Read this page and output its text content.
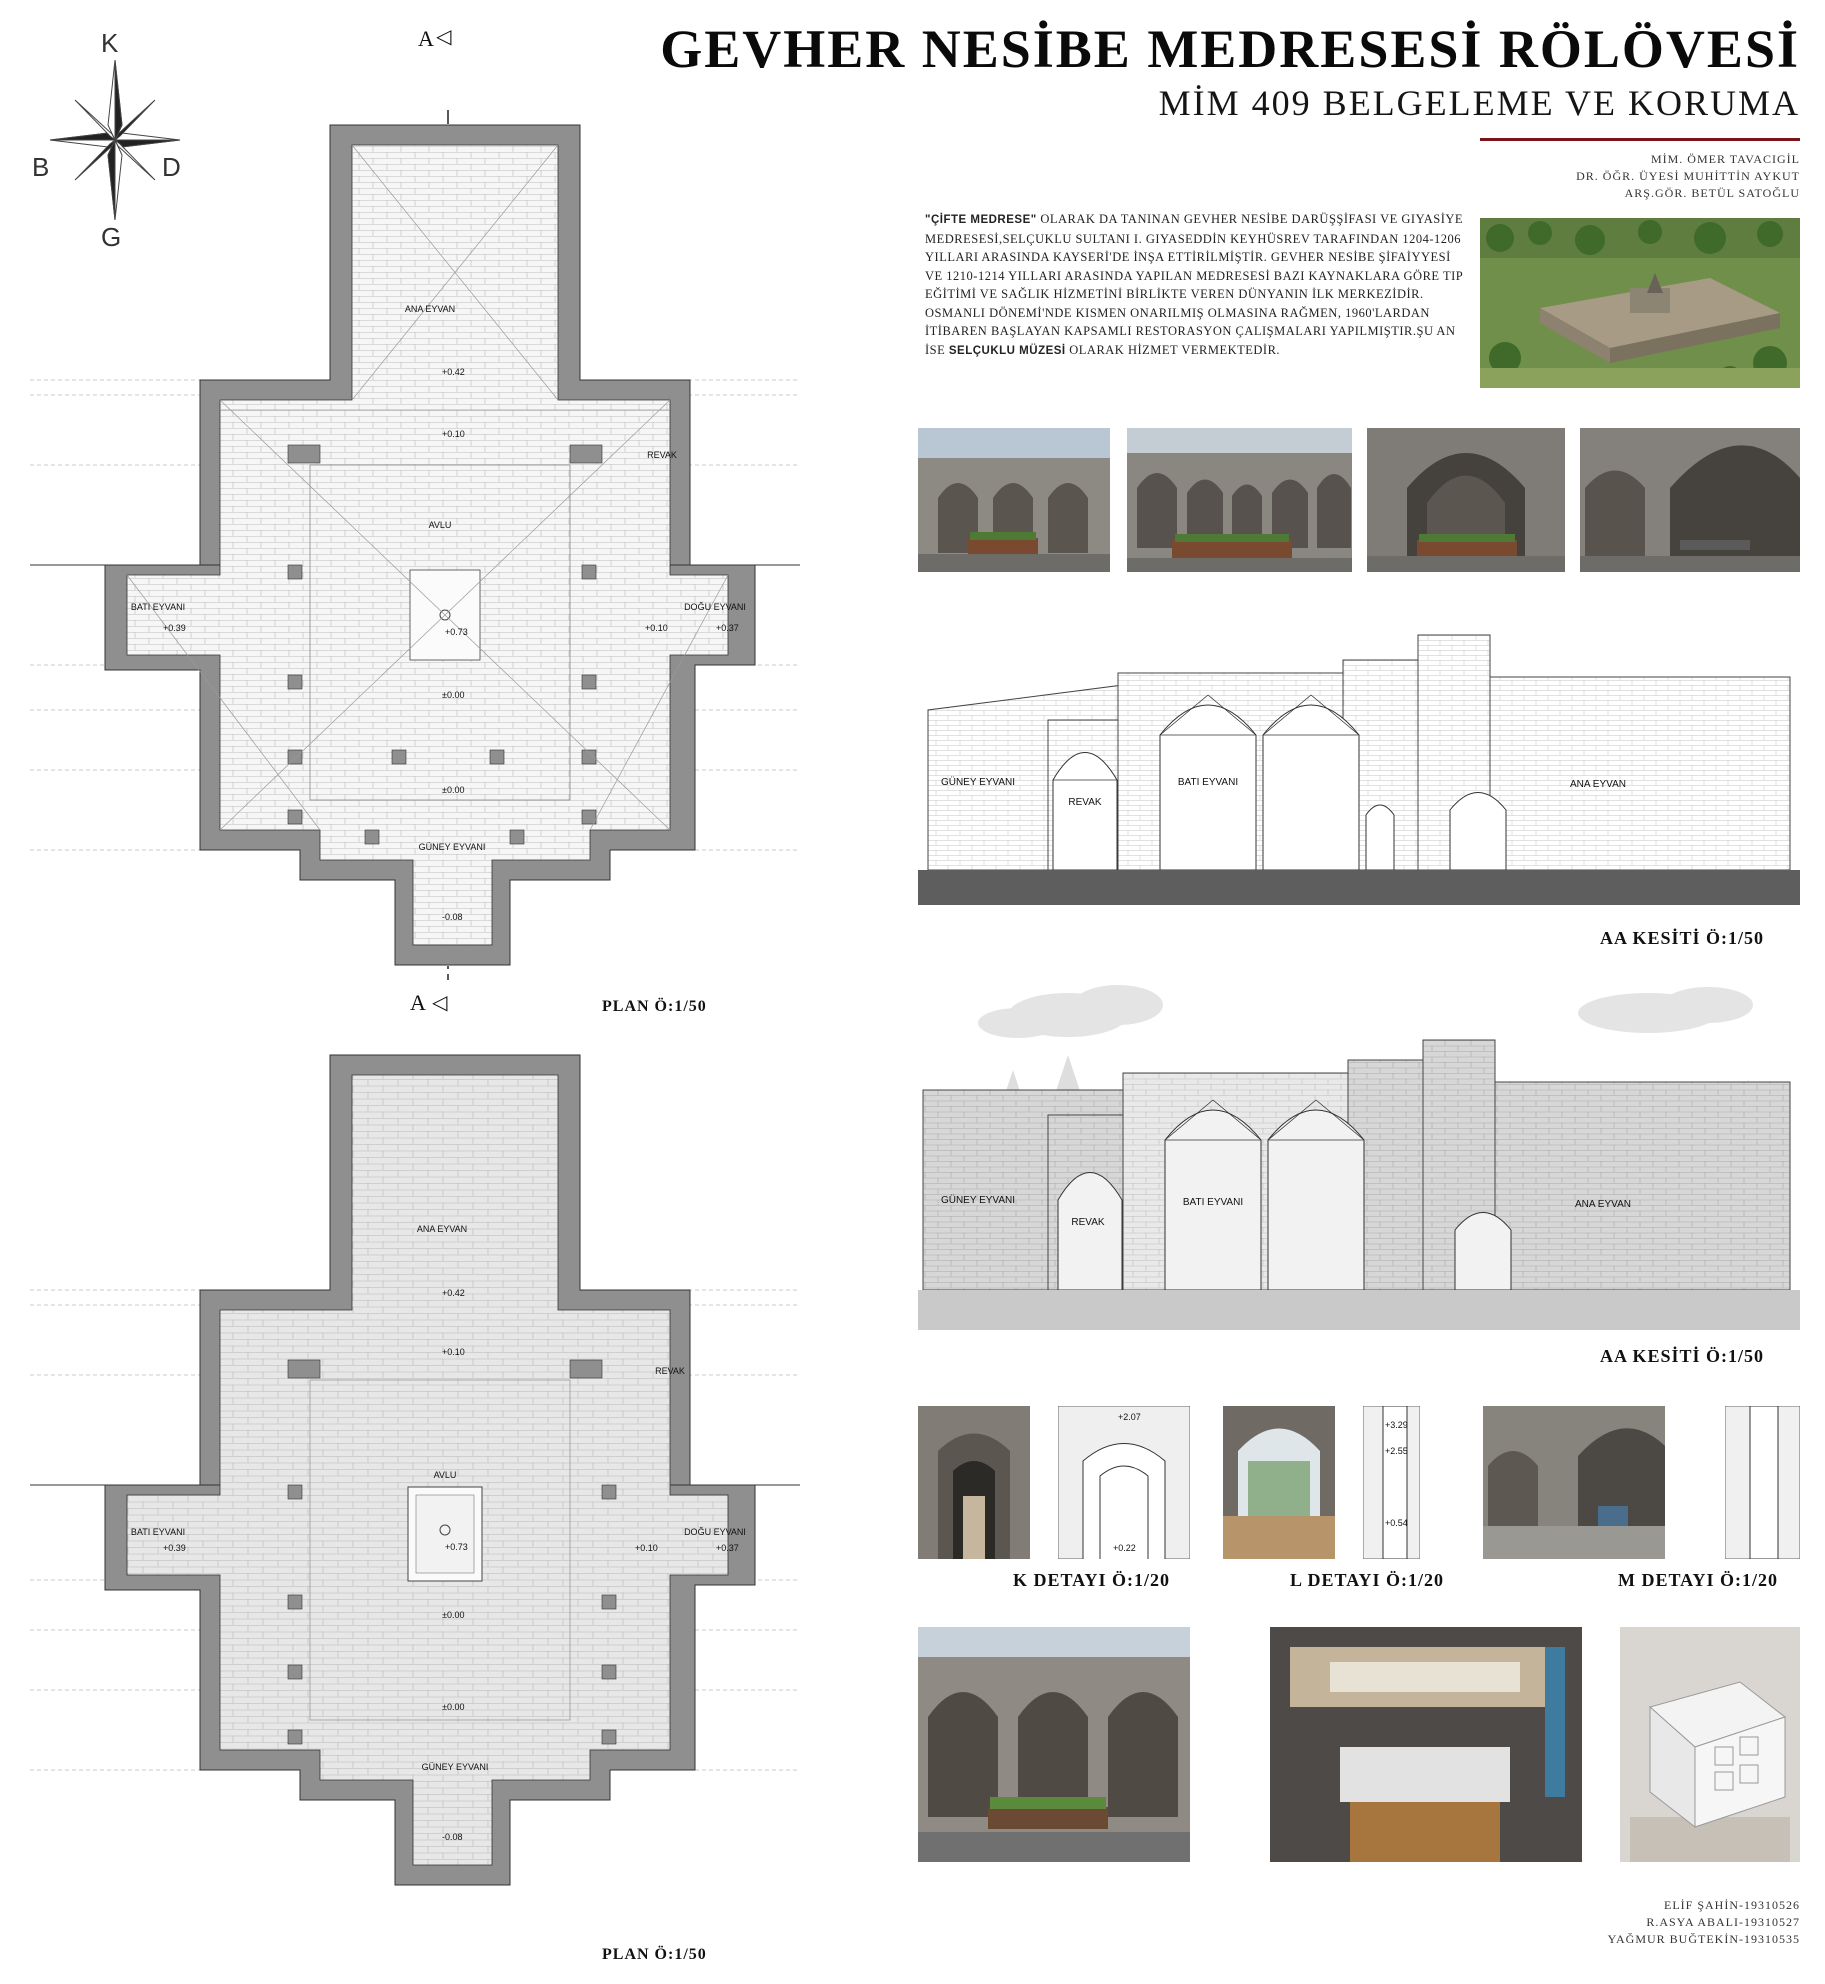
GEVHER NESİBE MEDRESESİ RÖLÖVESİ
MİM 409 BELGELEME VE KORUMA
MİM. ÖMER TAVACIGİL
DR. ÖĞR. ÜYESİ MUHİTTİN AYKUT
ARŞ.GÖR. BETÜL SATOĞLU
"ÇİFTE MEDRESE" OLARAK DA TANINAN GEVHER NESİBE DARÜŞŞİFASI VE GIYASİYE MEDRESESİ,SELÇUKLU SULTANI I. GIYASEDDİN KEYHÜSREV TARAFINDAN 1204-1206 YILLARI ARASINDA KAYSERİ'DE İNŞA ETTİRİLMİŞTİR. GEVHER NESİBE ŞİFAİYYESİ VE 1210-1214 YILLARI ARASINDA YAPILAN MEDRESESİ BAZI KAYNAKLARA GÖRE TIP EĞİTİMİ VE SAĞLIK HİZMETİNİ BİRLİKTE VEREN DÜNYANIN İLK MERKEZİDİR. OSMANLI DÖNEMİ'NDE KISMEN ONARILMIŞ OLMASINA RAĞMEN, 1960'LARDAN İTİBAREN BAŞLAYAN KAPSAMLI RESTORASYON ÇALIŞMALARI YAPILMIŞTIR.ŞU AN İSE SELÇUKLU MÜZESİ OLARAK HİZMET VERMEKTEDİR.
K
G
D
B
ANA EYVAN
AVLU
REVAK
BATI EYVANI	DOĞU EYVANI
GÜNEY EYVANI
+0.42
+0.10
+0.73
±0.00
+0.10	+0.37
+0.39
±0.00
-0.08
A ◁
A ◁	PLAN Ö:1/50
ANA EYVAN
AVLU
REVAK
BATI EYVANI	DOĞU EYVANI
GÜNEY EYVANI
+0.42
+0.10
+0.73
±0.00
+0.10	+0.37
+0.39
±0.00
-0.08
PLAN Ö:1/50
GÜNEY EYVANI
REVAK
BATI EYVANI	ANA EYVAN
AA KESİTİ Ö:1/50
GÜNEY EYVANI
REVAK
BATI EYVANI	ANA EYVAN
AA KESİTİ Ö:1/50
+2.07
+0.22
K DETAYI Ö:1/20
+3.29
+2.55
+0.54
L DETAYI Ö:1/20	M DETAYI Ö:1/20
ELİF ŞAHİN-19310526
R.ASYA ABALI-19310527
YAĞMUR BUĞTEKİN-19310535
